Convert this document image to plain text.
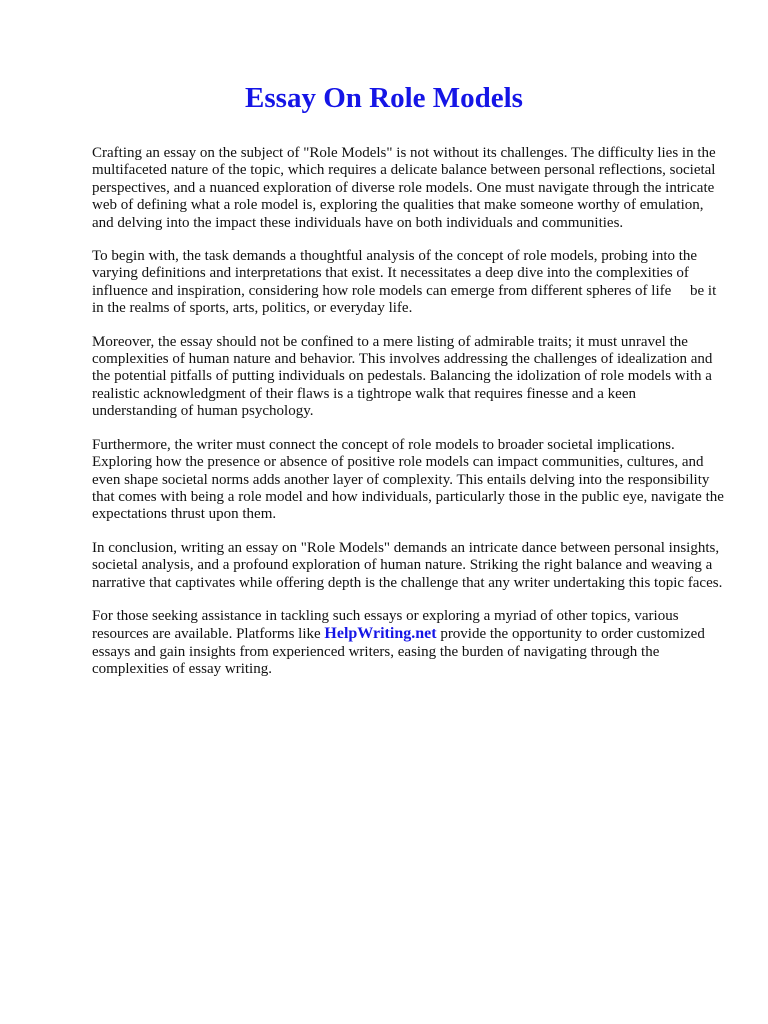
Essay On Role Models

Crafting an essay on the subject of "Role Models" is not without its challenges. The difficulty lies in the multifaceted nature of the topic, which requires a delicate balance between personal reflections, societal perspectives, and a nuanced exploration of diverse role models. One must navigate through the intricate web of defining what a role model is, exploring the qualities that make someone worthy of emulation, and delving into the impact these individuals have on both individuals and communities.

To begin with, the task demands a thoughtful analysis of the concept of role models, probing into the varying definitions and interpretations that exist. It necessitates a deep dive into the complexities of influence and inspiration, considering how role models can emerge from different spheres of life   be it in the realms of sports, arts, politics, or everyday life.

Moreover, the essay should not be confined to a mere listing of admirable traits; it must unravel the complexities of human nature and behavior. This involves addressing the challenges of idealization and the potential pitfalls of putting individuals on pedestals. Balancing the idolization of role models with a realistic acknowledgment of their flaws is a tightrope walk that requires finesse and a keen understanding of human psychology.

Furthermore, the writer must connect the concept of role models to broader societal implications. Exploring how the presence or absence of positive role models can impact communities, cultures, and even shape societal norms adds another layer of complexity. This entails delving into the responsibility that comes with being a role model and how individuals, particularly those in the public eye, navigate the expectations thrust upon them.

In conclusion, writing an essay on "Role Models" demands an intricate dance between personal insights, societal analysis, and a profound exploration of human nature. Striking the right balance and weaving a narrative that captivates while offering depth is the challenge that any writer undertaking this topic faces.

For those seeking assistance in tackling such essays or exploring a myriad of other topics, various resources are available. Platforms like HelpWriting.net provide the opportunity to order customized essays and gain insights from experienced writers, easing the burden of navigating through the complexities of essay writing.
